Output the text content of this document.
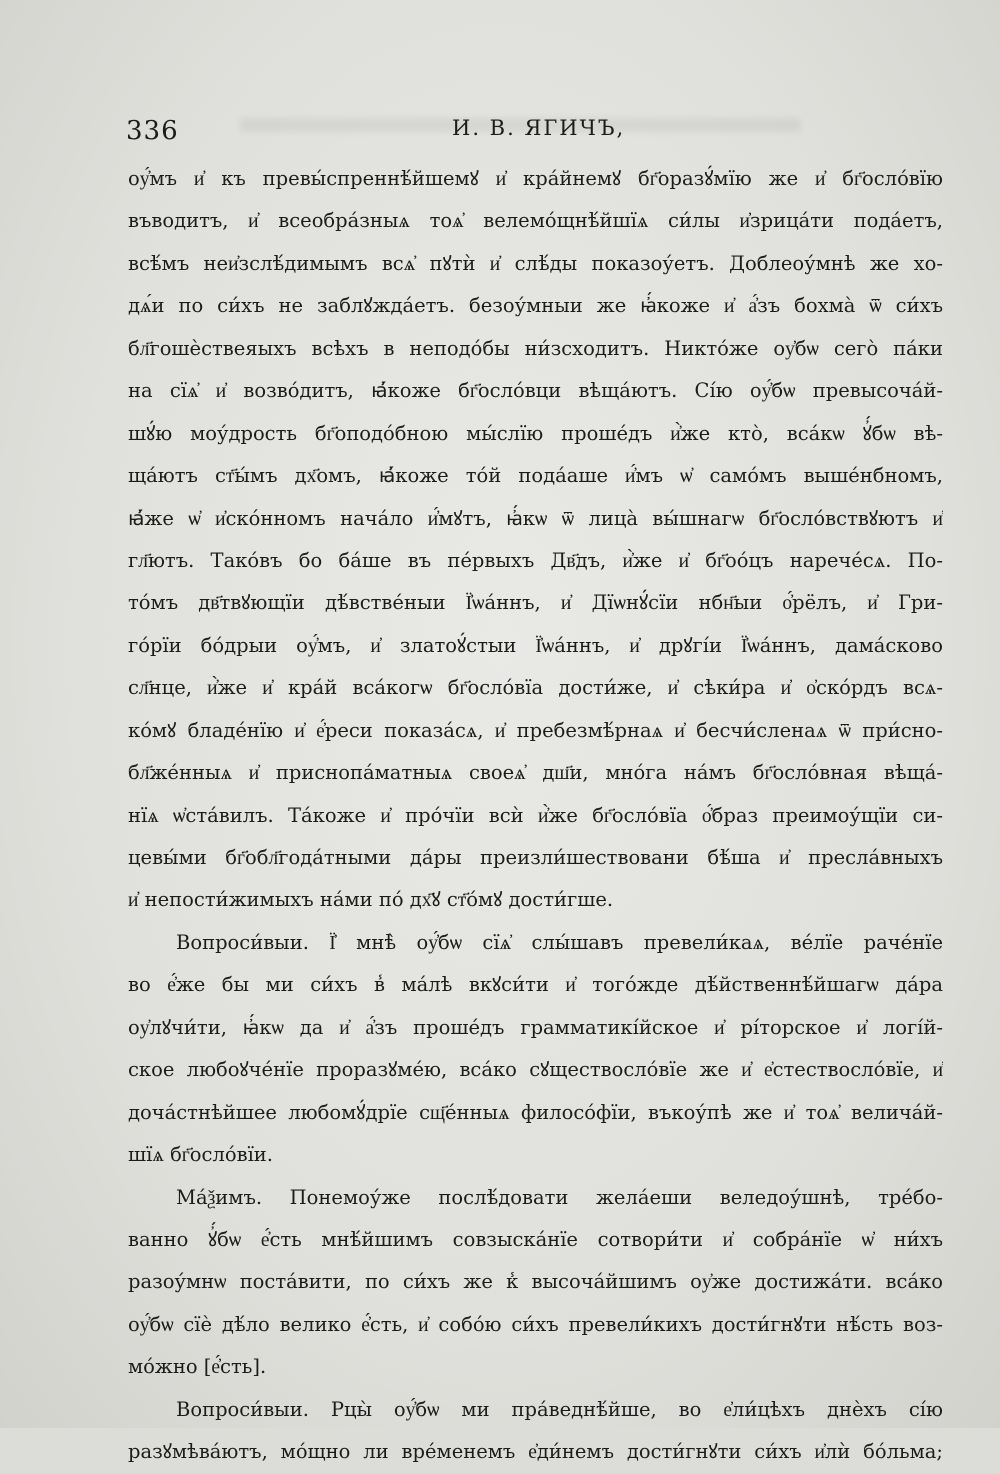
336	И. В. ЯГИЧЪ,
оу҆́мъ и҆ къ превы́спреннѣ́йшемꙋ и҆ кра́йнемꙋ бг҃оразꙋ́мїю же и҆ бг҃осло́вїю
въводитъ, и҆ всеобра́зныѧ тоѧ҆ велемо́щнѣ́йшїѧ си́лы и҆зрица́ти пода́етъ,
всѣ́мъ неи҆зслѣ́димымъ всѧ҆ пꙋтѝ и҆ слѣ́ды показоу́етъ. Доблеоу́мнѣ же хо-
дѧ́и по си́хъ не заблꙋжда́етъ. безоу́мныи же ꙗ҆́коже и҆ а҆́зъ бохма̀ ѿ си́хъ
бл҃гошѐствеяыхъ всѣхъ в неподо́бы ни́зсходитъ. Никто́же оу҆бѡ сего̀ па́ки
на сїѧ҆ и҆ возво́дитъ, ꙗ҆́коже бг҃осло́вци вѣща́ютъ. Сі́ю оу҆́бѡ превысоча́й-
шꙋ́ю моу́дрость бг҃оподо́бною мы́слїю проше́дъ и҆̀же кто̀, вса́кѡ ꙋ҆́бѡ вѣ-
ща́ютъ ст҃ы́мъ дх҃омъ, ꙗ҆́коже то́й пода́аше и҆́мъ ѡ҆ само́мъ выше́нбномъ,
ꙗ҆́же ѡ҆ и҆скóнномъ нача́ло и҆́мꙋтъ, ꙗ҆́кѡ ѿ лица̀ вы́шнагѡ бг҃осло́вствꙋютъ и҆
гл҃ютъ. Тако́въ бо ба́ше въ пе́рвыхъ Дв҃дъ, и҆̀же и҆ бг҃оо́цъ нарече́сѧ. По-
то́мъ дв҃твꙋющїи дѣ́встве́ныи Ї҆ѡа́ннъ, и҆ Дїѡнꙋ́сїи нбн҃ыи о҆́рёлъ, и҆ Гри-
го́рїи бо́дрыи оу҆́мъ, и҆ златоꙋ́стыи Ї҆ѡа́ннъ, и҆ дрꙋгі́и Ї҆ѡа́ннъ, дама́сково
сл҃нце, и҆̀же и҆ кра́й вса́когѡ бг҃осло́вїа дости́же, и҆ сѣки́ра и҆ о҆ско́рдъ всѧ-
ко́мꙋ бладе́нїю и҆ е҆́реси показа́сѧ, и҆ пребезмѣ́рнаѧ и҆ бесчи́сленаѧ ѿ при́сно-
бл҃же́нныѧ и҆ приснопа́матныѧ своеѧ҆ дш҃и, мно́га на́мъ бг҃осло́вная вѣща́-
нїѧ ѡ҆ста́вилъ. Та́коже и҆ про́чїи всѝ и҆̀же бг҃осло́вїа о҆́браз преимоу́щїи си-
цевы́ми бг҃обл҃года́тными да́ры преизли́шествовани бѣ́ша и҆ пресла́вныхъ
и҆ непости́жимыхъ на́ми по́ дх҃ꙋ ст҃о́мꙋ дости́гше.
Вопроси́выи. Ї҆ мнѣ̀ оу҆́бѡ сїѧ҆ слы́шавъ превели́каѧ, ве́лїе раче́нїе
во е҆́же бы ми си́хъ в̾ ма́лѣ вкꙋси́ти и҆ тогóжде дѣ́йственнѣ́йшагѡ да́ра
оу҆лꙋчи́ти, ꙗ҆́кѡ да и҆ а҆́зъ проше́дъ грамматикі́йское и҆ рі́торское и҆ логі́й-
ское любоꙋче́нїе проразꙋме́ю, вса́ко сꙋществосло́вїе же и҆ е҆стествосло́вїе, и҆
доча́стнѣйшее любомꙋ́дрїе сщ҃е́нныѧ филосо́фїи, въкоу́пѣ же и҆ тоѧ҆ велича́й-
шїѧ бг҃осло́вїи.
Ма́ѯимъ. Понемоу́же послѣ́довати жела́еши веледоу́шнѣ, тре́бо-
ванно ꙋ҆́бѡ е҆́сть мнѣ́йшимъ совзыска́нїе сотвори́ти и҆ собра́нїе ѡ҆ ни́хъ
разоу́мнѡ поста́вити, по си́хъ же к̾ высоча́йшимъ оу҆же достижа́ти. вса́ко
оу҆́бѡ сїѐ дѣ́ло велико е҆́сть, и҆ собо́ю си́хъ превели́кихъ дости́гнꙋти нѣ́сть воз-
мо́жно [е҆́сть].
Вопроси́выи. Рцы̀ оу҆́бѡ ми пра́веднѣ́йше, во е҆ли́цѣхъ днѐхъ сі́ю
разꙋмѣва́ютъ, мо́щно ли вре́менемъ е҆ди́немъ дости́гнꙋти си́хъ и҆лѝ бо́льма;
